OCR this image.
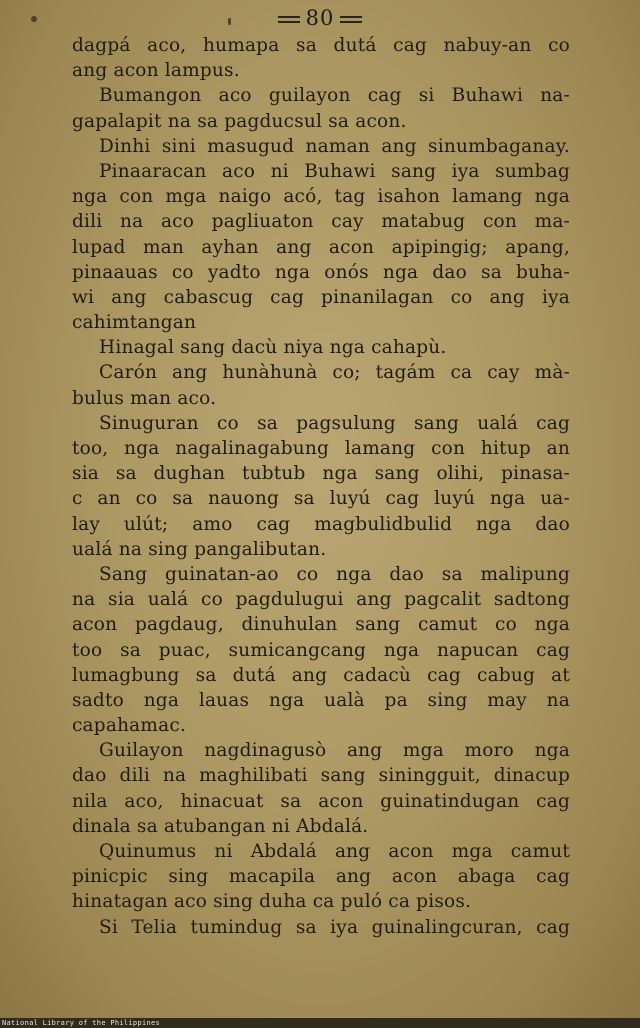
80
dagpá aco, humapa sa dutá cag nabuy-an co
ang acon lampus.
Bumangon aco guilayon cag si Buhawi na-
gapalapit na sa pagducsul sa acon.
Dinhi sini masugud naman ang sinumbaganay.
Pinaaracan aco ni Buhawi sang iya sumbag
nga con mga naigo acó, tag isahon lamang nga
dili na aco pagliuaton cay matabug con ma-
lupad man ayhan ang acon apipingig; apang,
pinaauas co yadto nga onós nga dao sa buha-
wi ang cabascug cag pinanilagan co ang iya
cahimtangan
Hinagal sang dacù niya nga cahapù.
Carón ang hunàhunà co; tagám ca cay mà-
bulus man aco.
Sinuguran co sa pagsulung sang ualá cag
too, nga nagalinagabung lamang con hitup an
sia sa dughan tubtub nga sang olihi, pinasa-
c an co sa nauong sa luyú cag luyú nga ua-
lay ulút; amo cag magbulidbulid nga dao
ualá na sing pangalibutan.
Sang guinatan-ao co nga dao sa malipung
na sia ualá co pagdulugui ang pagcalit sadtong
acon pagdaug, dinuhulan sang camut co nga
too sa puac, sumicangcang nga napucan cag
lumagbung sa dutá ang cadacù cag cabug at
sadto nga lauas nga ualà pa sing may na
capahamac.
Guilayon nagdinagusò ang mga moro nga
dao dili na maghilibati sang siningguit, dinacup
nila aco, hinacuat sa acon guinatindugan cag
dinala sa atubangan ni Abdalá.
Quinumus ni Abdalá ang acon mga camut
pinicpic sing macapila ang acon abaga cag
hinatagan aco sing duha ca puló ca pisos.
Si Telia tumindug sa iya guinalingcuran, cag
National Library of the Philippines
